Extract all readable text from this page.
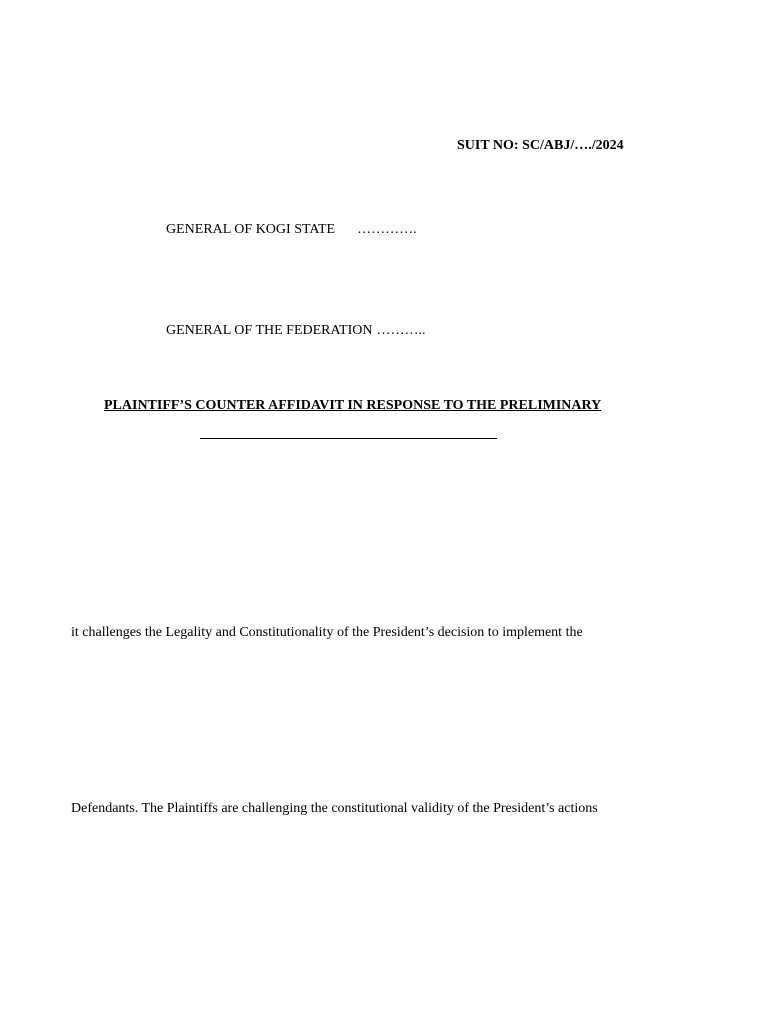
SUIT NO: SC/ABJ/…./2024
GENERAL OF KOGI STATE ………….
GENERAL OF THE FEDERATION ………..
PLAINTIFF’S COUNTER AFFIDAVIT IN RESPONSE TO THE PRELIMINARY
it challenges the Legality and Constitutionality of the President’s decision to implement the
Defendants. The Plaintiffs are challenging the constitutional validity of the President’s actions
